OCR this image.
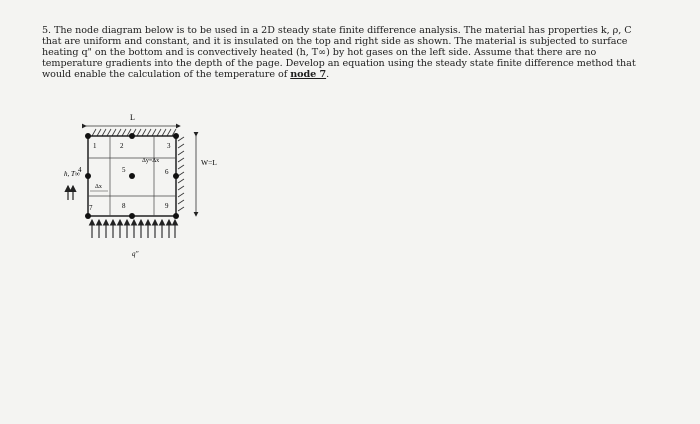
5. The node diagram below is to be used in a 2D steady state finite difference analysis. The material has properties k, ρ, C
that are uniform and constant, and it is insulated on the top and right side as shown. The material is subjected to surface
heating q" on the bottom and is convectively heated (h, T∞) by hot gases on the left side. Assume that there are no
temperature gradients into the depth of the page. Develop an equation using the steady state finite difference method that
would enable the calculation of the temperature of node 7.
L
W=L
1	2	3
4	5	6
7	8	9
Δy=Δx
Δx
h, T∞
q"
